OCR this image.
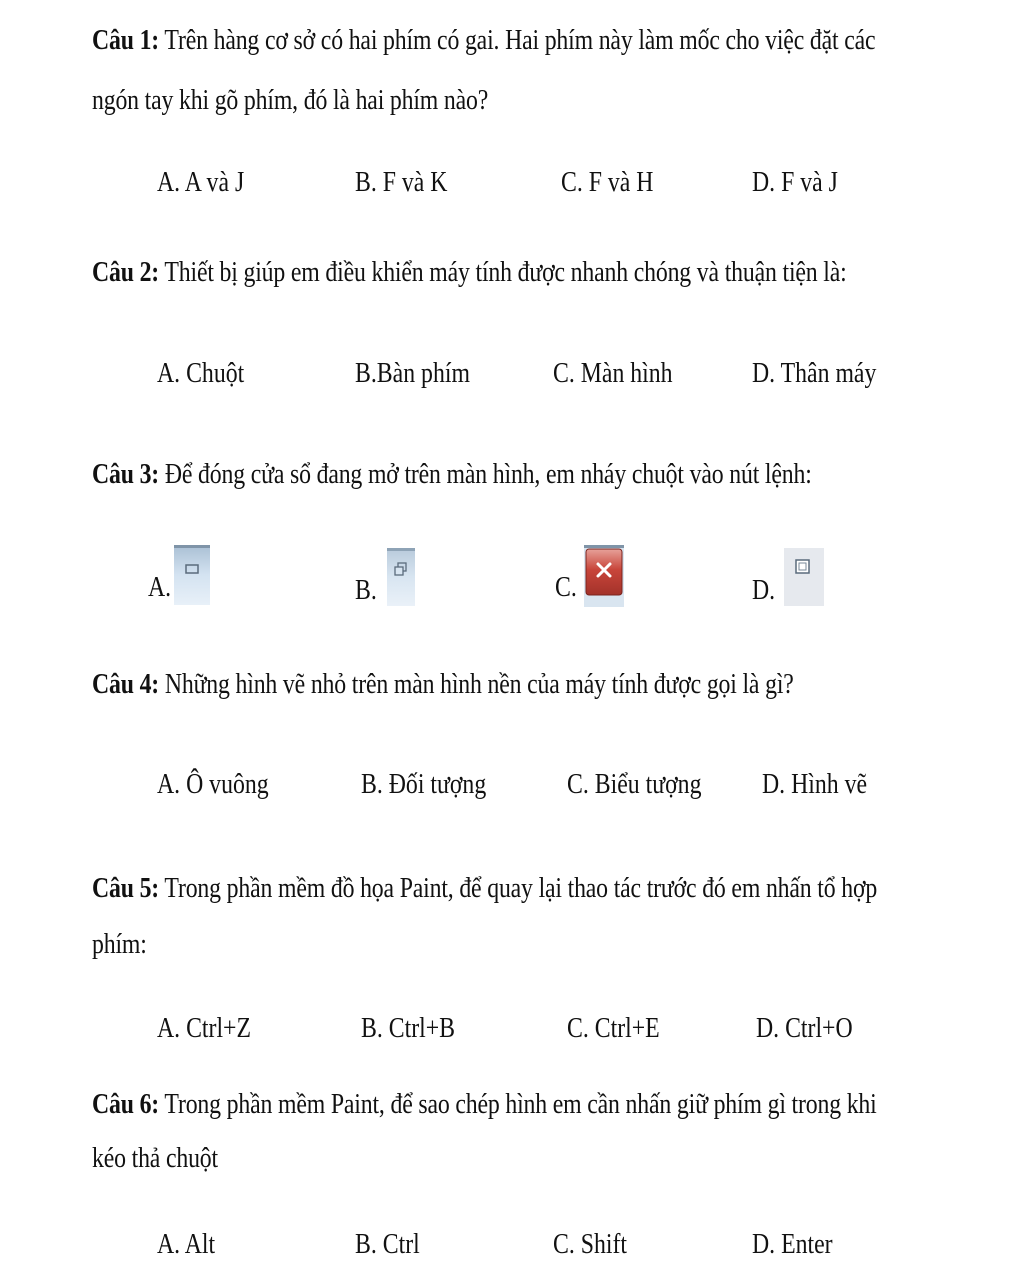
Câu 1: Trên hàng cơ sở có hai phím có gai. Hai phím này làm mốc cho việc đặt các
ngón tay khi gõ phím, đó là hai phím nào?
A. A và J	B. F và K	C. F và H	D. F và J
Câu 2: Thiết bị giúp em điều khiển máy tính được nhanh chóng và thuận tiện là:
A. Chuột	B.Bàn phím	C. Màn hình	D. Thân máy
Câu 3: Để đóng cửa sổ đang mở trên màn hình, em nháy chuột vào nút lệnh:
A.	B.	C.	D.
Câu 4: Những hình vẽ nhỏ trên màn hình nền của máy tính được gọi là gì?
A. Ô vuông	B. Đối tượng	C. Biểu tượng D. Hình vẽ
Câu 5: Trong phần mềm đồ họa Paint, để quay lại thao tác trước đó em nhấn tổ hợp
phím:
A. Ctrl+Z	B. Ctrl+B	C. Ctrl+E	D. Ctrl+O
Câu 6: Trong phần mềm Paint, để sao chép hình em cần nhấn giữ phím gì trong khi
kéo thả chuột
A. Alt	B. Ctrl	C. Shift	D. Enter
